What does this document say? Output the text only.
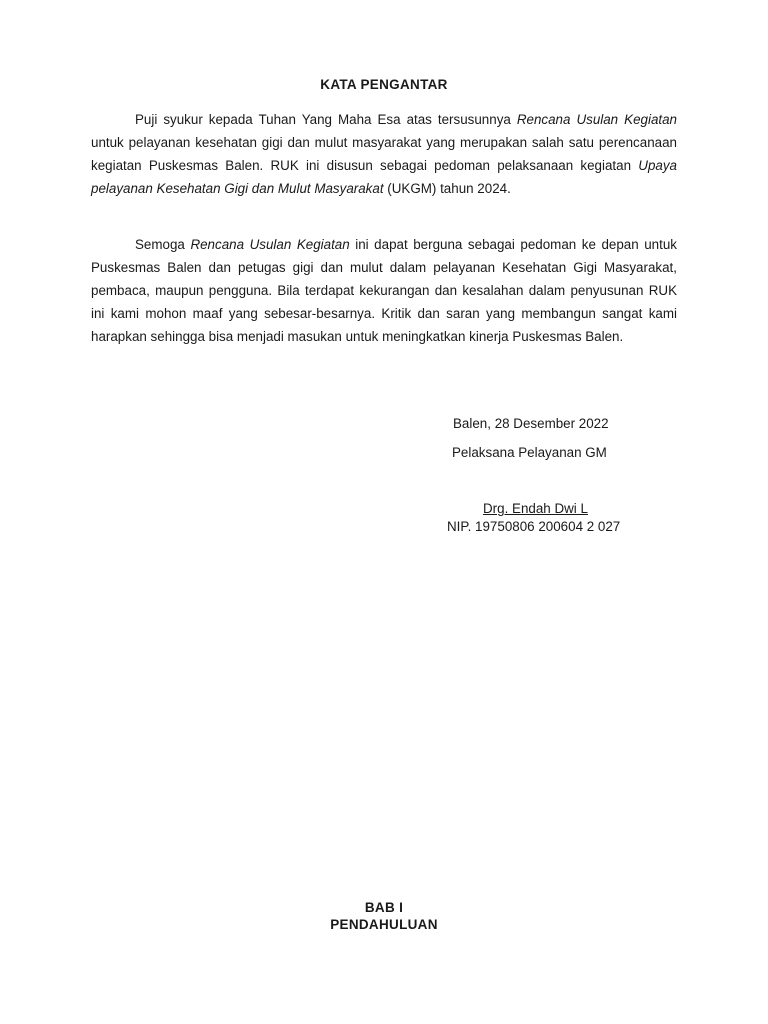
KATA PENGANTAR

Puji syukur kepada Tuhan Yang Maha Esa atas tersusunnya Rencana Usulan Kegiatan untuk pelayanan kesehatan gigi dan mulut masyarakat yang merupakan salah satu perencanaan kegiatan Puskesmas Balen. RUK ini disusun sebagai pedoman pelaksanaan kegiatan Upaya pelayanan Kesehatan Gigi dan Mulut Masyarakat (UKGM) tahun 2024.

Semoga Rencana Usulan Kegiatan ini dapat berguna sebagai pedoman ke depan untuk Puskesmas Balen dan petugas gigi dan mulut dalam pelayanan Kesehatan Gigi Masyarakat, pembaca, maupun pengguna. Bila terdapat kekurangan dan kesalahan dalam penyusunan RUK ini kami mohon maaf yang sebesar-besarnya. Kritik dan saran yang membangun sangat kami harapkan sehingga bisa menjadi masukan untuk meningkatkan kinerja Puskesmas Balen.

Balen, 28 Desember 2022
Pelaksana Pelayanan GM
Drg. Endah Dwi L
NIP. 19750806 200604 2 027
BAB I
PENDAHULUAN
